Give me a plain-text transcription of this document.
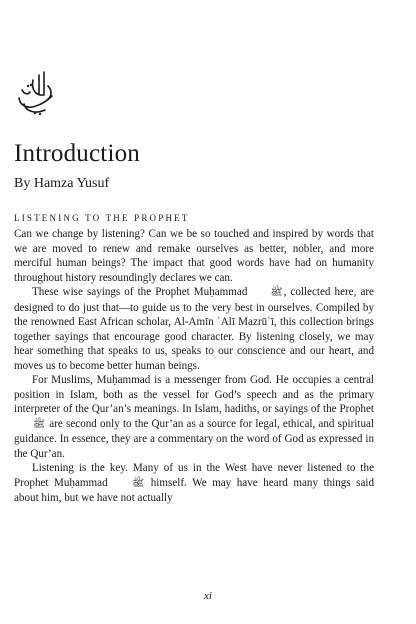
Introduction
By Hamza Yusuf
LISTENING TO THE PROPHET

Can we change by listening? Can we be so touched and inspired by words that we are moved to renew and remake ourselves as better, nobler, and more merciful human beings? The impact that good words have had on humanity throughout history resoundingly declares we can.

These wise sayings of the Prophet Muḥammad ﷺ, collected here, are designed to do just that—to guide us to the very best in ourselves. Compiled by the renowned East African scholar, Al-Amīn ʿAlī Mazrūʿī, this collection brings together sayings that encourage good character. By listening closely, we may hear something that speaks to us, speaks to our conscience and our heart, and moves us to become better human beings.

For Muslims, Muḥammad is a messenger from God. He occupies a central position in Islam, both as the vessel for God’s speech and as the primary interpreter of the Qur’an’s meanings. In Islam, hadiths, or sayings of the Prophet ﷺ are second only to the Qur’an as a source for legal, ethical, and spiritual guidance. In essence, they are a commentary on the word of God as expressed in the Qur’an.

Listening is the key. Many of us in the West have never listened to the Prophet Muḥammad ﷺ himself. We may have heard many things said about him, but we have not actually

xi
